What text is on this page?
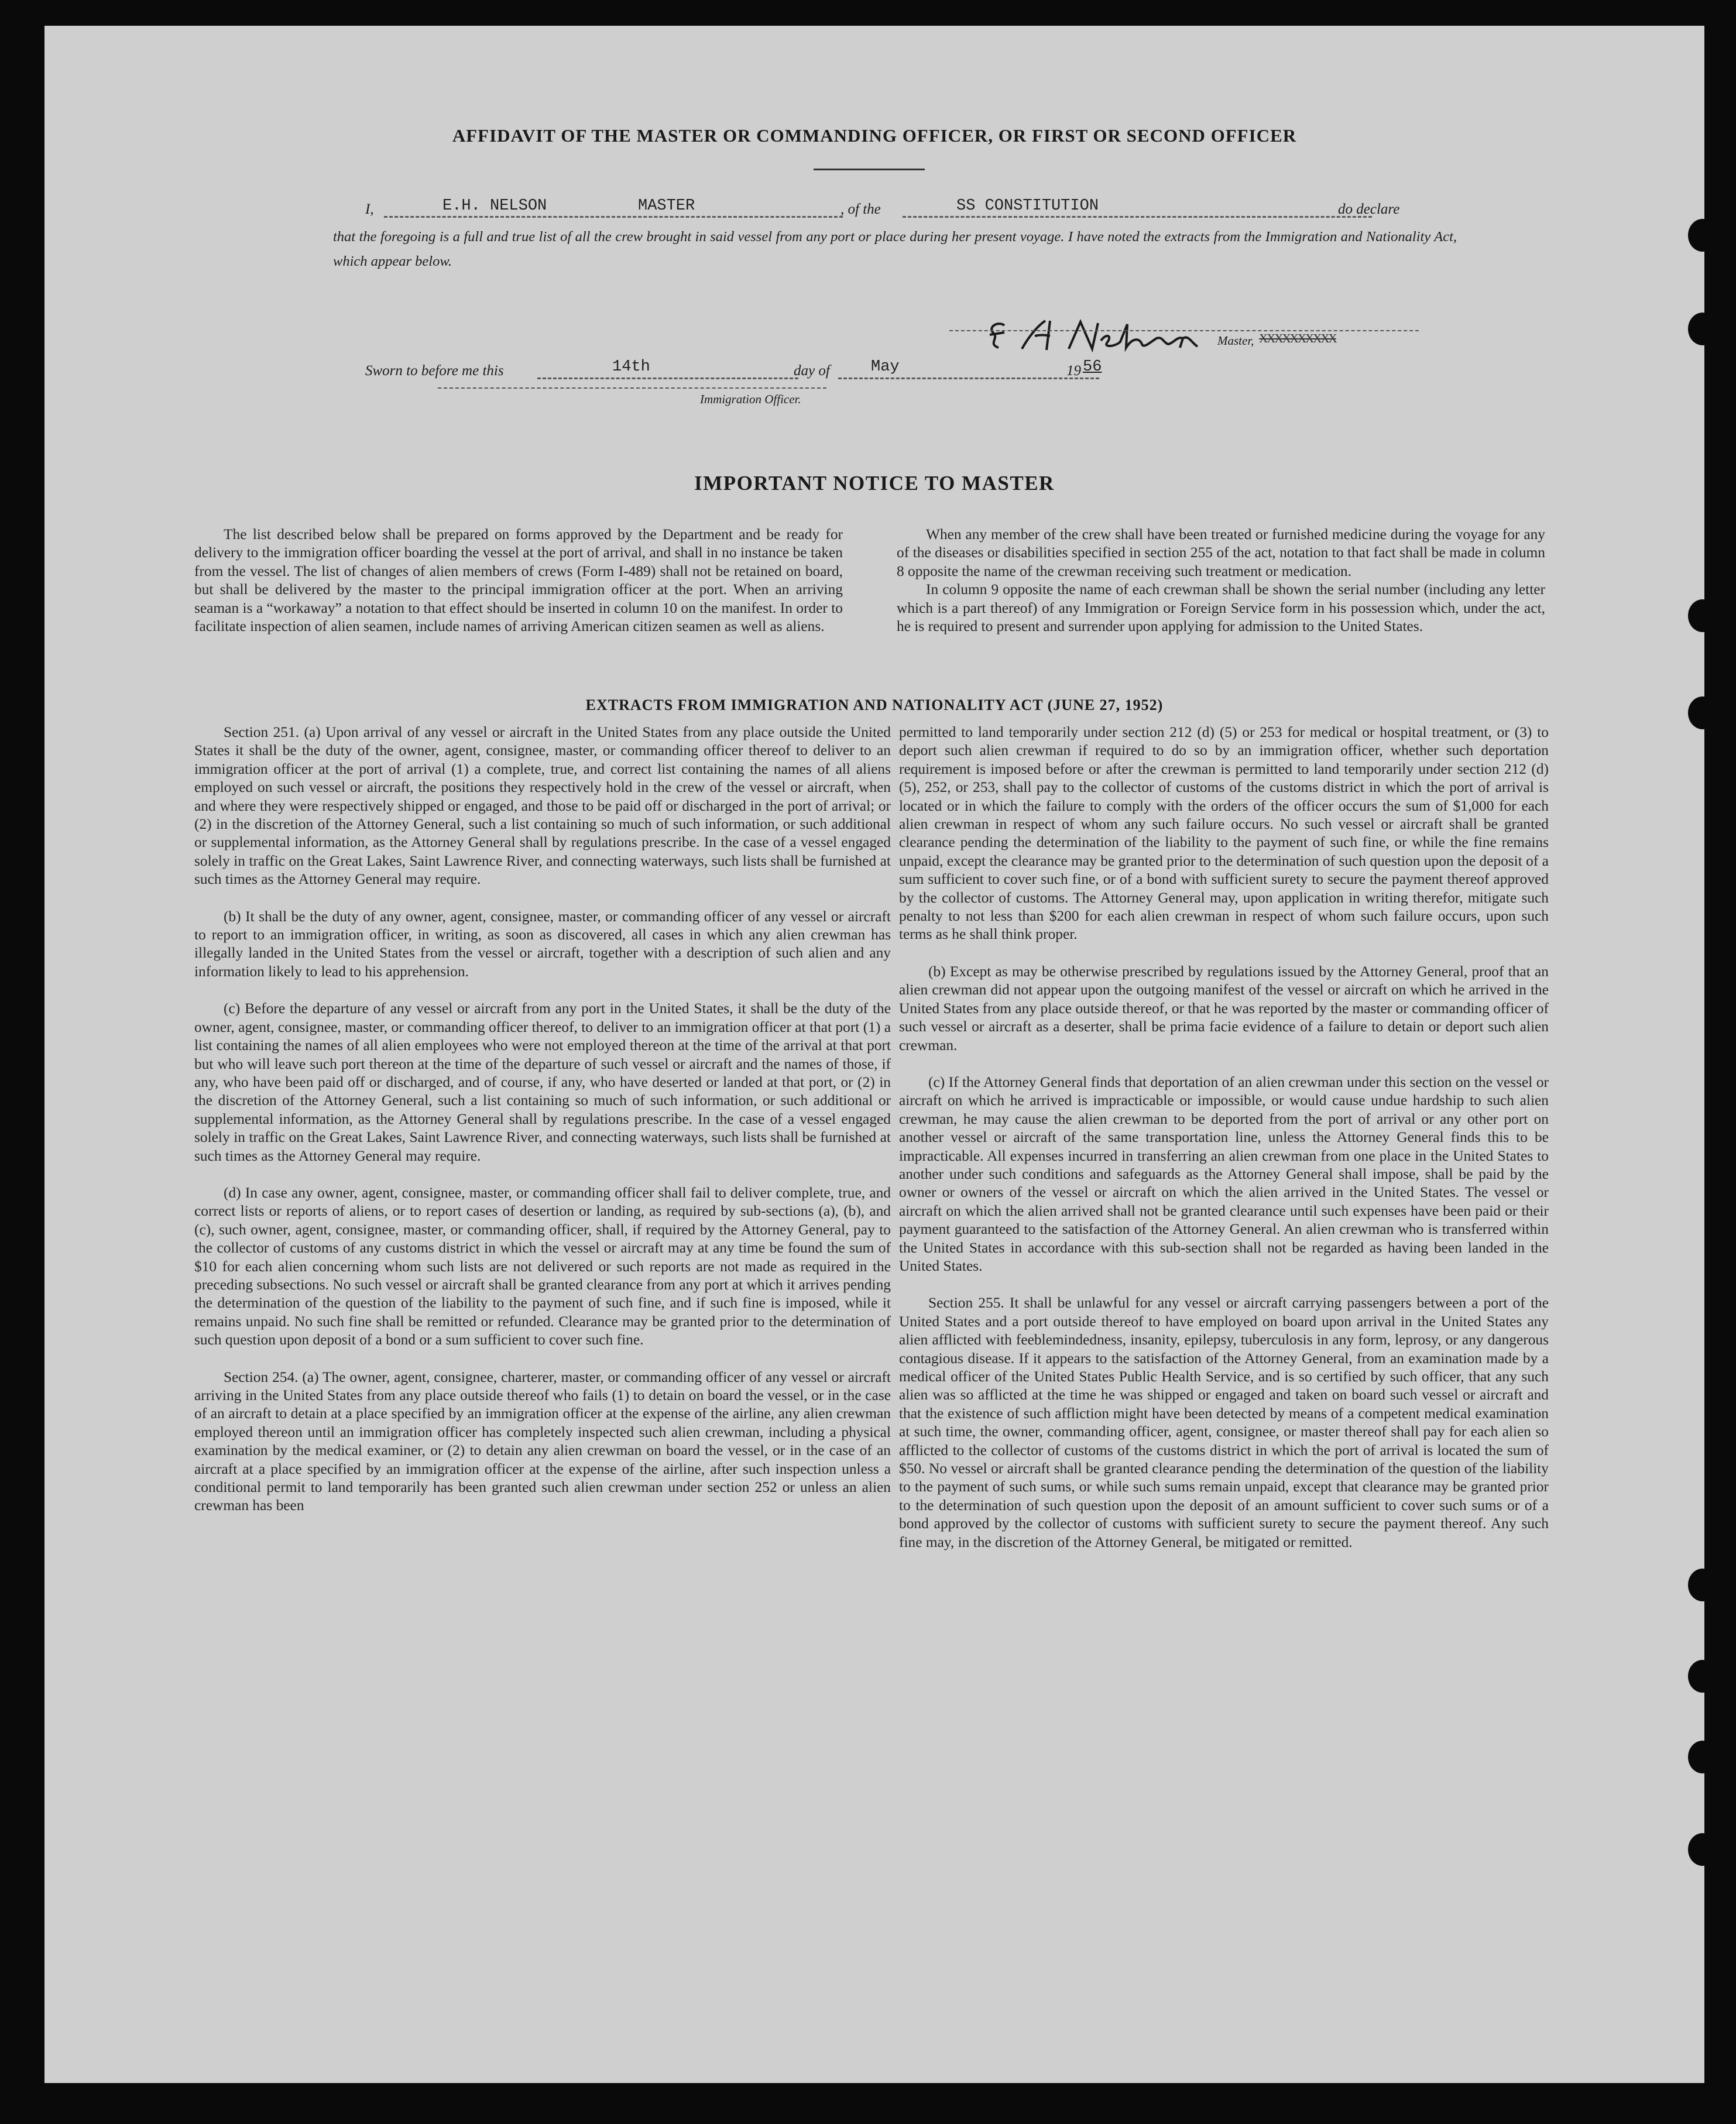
AFFIDAVIT OF THE MASTER OR COMMANDING OFFICER, OR FIRST OR SECOND OFFICER
I,	E.H. NELSON	MASTER	, of the	SS CONSTITUTION	do declare
that the foregoing is a full and true list of all the crew brought in said vessel from any port or place during her present voyage. I have noted the extracts from the Immigration and Nationality Act, which appear below.
Master, XXXXXXXXXX
Sworn to before me this	14th	day of	May	19 56
Immigration Officer.
IMPORTANT NOTICE TO MASTER

The list described below shall be prepared on forms approved by the Department and be ready for delivery to the immigration officer boarding the vessel at the port of arrival, and shall in no instance be taken from the vessel. The list of changes of alien members of crews (Form I-489) shall not be retained on board, but shall be delivered by the master to the principal immigration officer at the port. When an arriving seaman is a “workaway” a notation to that effect should be inserted in column 10 on the manifest. In order to facilitate inspection of alien seamen, include names of arriving American citizen seamen as well as aliens.

When any member of the crew shall have been treated or furnished medicine during the voyage for any of the diseases or disabilities specified in section 255 of the act, notation to that fact shall be made in column 8 opposite the name of the crewman receiving such treatment or medication.

In column 9 opposite the name of each crewman shall be shown the serial number (including any letter which is a part thereof) of any Immigration or Foreign Service form in his possession which, under the act, he is required to present and surrender upon applying for admission to the United States.

EXTRACTS FROM IMMIGRATION AND NATIONALITY ACT (JUNE 27, 1952)

Section 251. (a) Upon arrival of any vessel or aircraft in the United States from any place outside the United States it shall be the duty of the owner, agent, consignee, master, or commanding officer thereof to deliver to an immigration officer at the port of arrival (1) a complete, true, and correct list containing the names of all aliens employed on such vessel or aircraft, the positions they respectively hold in the crew of the vessel or aircraft, when and where they were respectively shipped or engaged, and those to be paid off or discharged in the port of arrival; or (2) in the discretion of the Attorney General, such a list containing so much of such information, or such additional or supplemental information, as the Attorney General shall by regulations prescribe. In the case of a vessel engaged solely in traffic on the Great Lakes, Saint Lawrence River, and connecting waterways, such lists shall be furnished at such times as the Attorney General may require.

(b) It shall be the duty of any owner, agent, consignee, master, or commanding officer of any vessel or aircraft to report to an immigration officer, in writing, as soon as discovered, all cases in which any alien crewman has illegally landed in the United States from the vessel or aircraft, together with a description of such alien and any information likely to lead to his apprehension.

(c) Before the departure of any vessel or aircraft from any port in the United States, it shall be the duty of the owner, agent, consignee, master, or commanding officer thereof, to deliver to an immigration officer at that port (1) a list containing the names of all alien employees who were not employed thereon at the time of the arrival at that port but who will leave such port thereon at the time of the departure of such vessel or aircraft and the names of those, if any, who have been paid off or discharged, and of course, if any, who have deserted or landed at that port, or (2) in the discretion of the Attorney General, such a list containing so much of such information, or such additional or supplemental information, as the Attorney General shall by regulations prescribe. In the case of a vessel engaged solely in traffic on the Great Lakes, Saint Lawrence River, and connecting waterways, such lists shall be furnished at such times as the Attorney General may require.

(d) In case any owner, agent, consignee, master, or commanding officer shall fail to deliver complete, true, and correct lists or reports of aliens, or to report cases of desertion or landing, as required by sub-sections (a), (b), and (c), such owner, agent, consignee, master, or commanding officer, shall, if required by the Attorney General, pay to the collector of customs of any customs district in which the vessel or aircraft may at any time be found the sum of $10 for each alien concerning whom such lists are not delivered or such reports are not made as required in the preceding subsections. No such vessel or aircraft shall be granted clearance from any port at which it arrives pending the determination of the question of the liability to the payment of such fine, and if such fine is imposed, while it remains unpaid. No such fine shall be remitted or refunded. Clearance may be granted prior to the determination of such question upon deposit of a bond or a sum sufficient to cover such fine.

Section 254. (a) The owner, agent, consignee, charterer, master, or commanding officer of any vessel or aircraft arriving in the United States from any place outside thereof who fails (1) to detain on board the vessel, or in the case of an aircraft to detain at a place specified by an immigration officer at the expense of the airline, any alien crewman employed thereon until an immigration officer has completely inspected such alien crewman, including a physical examination by the medical examiner, or (2) to detain any alien crewman on board the vessel, or in the case of an aircraft at a place specified by an immigration officer at the expense of the airline, after such inspection unless a conditional permit to land temporarily has been granted such alien crewman under section 252 or unless an alien crewman has been

permitted to land temporarily under section 212 (d) (5) or 253 for medical or hospital treatment, or (3) to deport such alien crewman if required to do so by an immigration officer, whether such deportation requirement is imposed before or after the crewman is permitted to land temporarily under section 212 (d) (5), 252, or 253, shall pay to the collector of customs of the customs district in which the port of arrival is located or in which the failure to comply with the orders of the officer occurs the sum of $1,000 for each alien crewman in respect of whom any such failure occurs. No such vessel or aircraft shall be granted clearance pending the determination of the liability to the payment of such fine, or while the fine remains unpaid, except the clearance may be granted prior to the determination of such question upon the deposit of a sum sufficient to cover such fine, or of a bond with sufficient surety to secure the payment thereof approved by the collector of customs. The Attorney General may, upon application in writing therefor, mitigate such penalty to not less than $200 for each alien crewman in respect of whom such failure occurs, upon such terms as he shall think proper.

(b) Except as may be otherwise prescribed by regulations issued by the Attorney General, proof that an alien crewman did not appear upon the outgoing manifest of the vessel or aircraft on which he arrived in the United States from any place outside thereof, or that he was reported by the master or commanding officer of such vessel or aircraft as a deserter, shall be prima facie evidence of a failure to detain or deport such alien crewman.

(c) If the Attorney General finds that deportation of an alien crewman under this section on the vessel or aircraft on which he arrived is impracticable or impossible, or would cause undue hardship to such alien crewman, he may cause the alien crewman to be deported from the port of arrival or any other port on another vessel or aircraft of the same transportation line, unless the Attorney General finds this to be impracticable. All expenses incurred in transferring an alien crewman from one place in the United States to another under such conditions and safeguards as the Attorney General shall impose, shall be paid by the owner or owners of the vessel or aircraft on which the alien arrived in the United States. The vessel or aircraft on which the alien arrived shall not be granted clearance until such expenses have been paid or their payment guaranteed to the satisfaction of the Attorney General. An alien crewman who is transferred within the United States in accordance with this sub-section shall not be regarded as having been landed in the United States.

Section 255. It shall be unlawful for any vessel or aircraft carrying passengers between a port of the United States and a port outside thereof to have employed on board upon arrival in the United States any alien afflicted with feeblemindedness, insanity, epilepsy, tuberculosis in any form, leprosy, or any dangerous contagious disease. If it appears to the satisfaction of the Attorney General, from an examination made by a medical officer of the United States Public Health Service, and is so certified by such officer, that any such alien was so afflicted at the time he was shipped or engaged and taken on board such vessel or aircraft and that the existence of such affliction might have been detected by means of a competent medical examination at such time, the owner, commanding officer, agent, consignee, or master thereof shall pay for each alien so afflicted to the collector of customs of the customs district in which the port of arrival is located the sum of $50. No vessel or aircraft shall be granted clearance pending the determination of the question of the liability to the payment of such sums, or while such sums remain unpaid, except that clearance may be granted prior to the determination of such question upon the deposit of an amount sufficient to cover such sums or of a bond approved by the collector of customs with sufficient surety to secure the payment thereof. Any such fine may, in the discretion of the Attorney General, be mitigated or remitted.
